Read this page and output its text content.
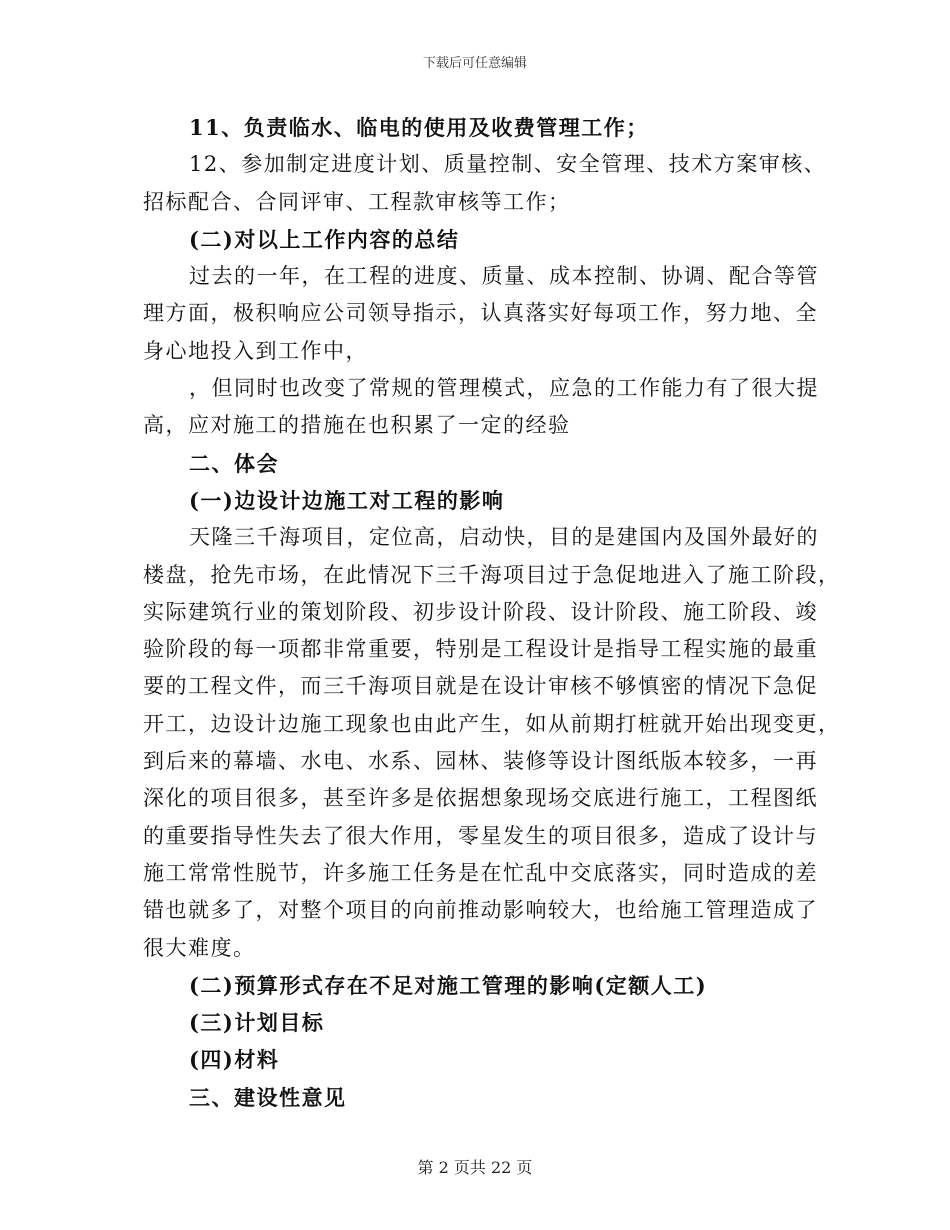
下载后可任意编辑
11、负责临水、临电的使用及收费管理工作；
12、参加制定进度计划、质量控制、安全管理、技术方案审核、
招标配合、合同评审、工程款审核等工作；
(二)对以上工作内容的总结
过去的一年，在工程的进度、质量、成本控制、协调、配合等管
理方面，极积响应公司领导指示，认真落实好每项工作，努力地、全
身心地投入到工作中，
，但同时也改变了常规的管理模式，应急的工作能力有了很大提
高，应对施工的措施在也积累了一定的经验
二、体会
(一)边设计边施工对工程的影响
天隆三千海项目，定位高，启动快，目的是建国内及国外最好的
楼盘，抢先市场，在此情况下三千海项目过于急促地进入了施工阶段，
实际建筑行业的策划阶段、初步设计阶段、设计阶段、施工阶段、竣
验阶段的每一项都非常重要，特别是工程设计是指导工程实施的最重
要的工程文件，而三千海项目就是在设计审核不够慎密的情况下急促
开工，边设计边施工现象也由此产生，如从前期打桩就开始出现变更，
到后来的幕墙、水电、水系、园林、装修等设计图纸版本较多，一再
深化的项目很多，甚至许多是依据想象现场交底进行施工，工程图纸
的重要指导性失去了很大作用，零星发生的项目很多，造成了设计与
施工常常性脱节，许多施工任务是在忙乱中交底落实，同时造成的差
错也就多了，对整个项目的向前推动影响较大，也给施工管理造成了
很大难度。
(二)预算形式存在不足对施工管理的影响(定额人工)
(三)计划目标
(四)材料
三、建设性意见
第 2 页共 22 页
